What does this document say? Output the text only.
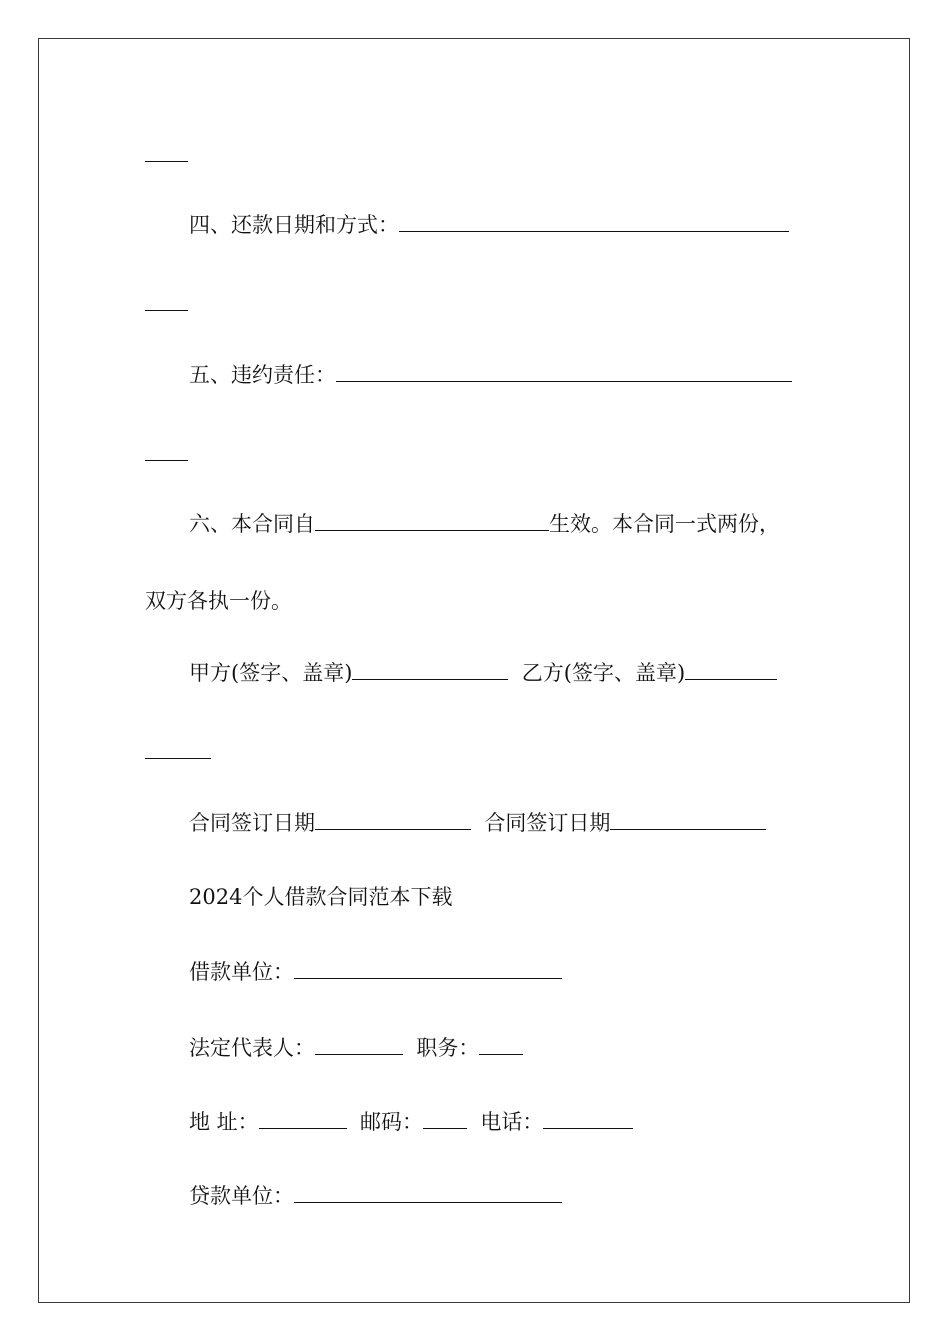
四、还款日期和方式：
五、违约责任：
六、本合同自	生效。本合同一式两份，
双方各执一份。
甲方(签字、盖章)	乙方(签字、盖章)
合同签订日期	合同签订日期
2024个人借款合同范本下载
借款单位：
法定代表人：	职务：
地 址：	邮码：	电话：
贷款单位：
